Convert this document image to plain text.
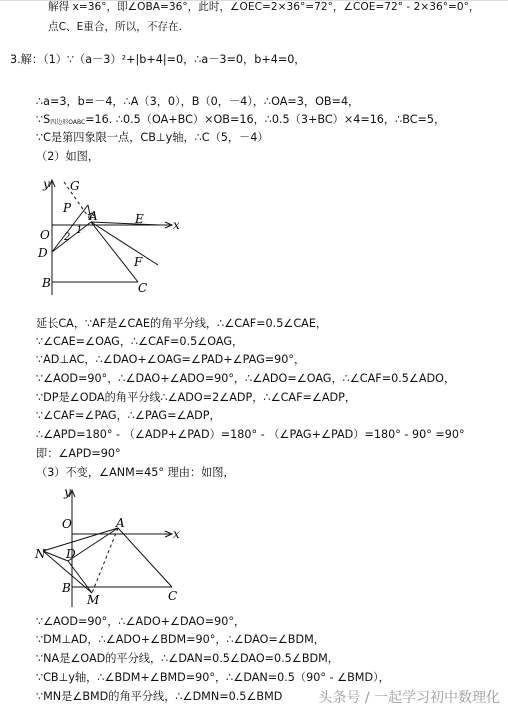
解得 x=36°，即∠OBA=36°，此时，∠OEC=2×36°=72°，∠COE=72° - 2×36°=0°，
点C、E重合，所以，不存在.
3.解：（1）∵（a－3）²+|b+4|=0，∴a－3=0，b+4=0，
∴a=3，b=－4，∴A（3，0），B（0，－4），∴OA=3，OB=4，
∵S四边形OABC=16. ∴0.5（OA+BC）×OB=16，∴0.5（3+BC）×4=16，∴BC=5，
∵C是第四象限一点，CB⊥y轴，∴C（5，－4）
（2）如图，
y
x
G
P
A	E
O
D
F
B	C
1
2
延长CA，∵AF是∠CAE的角平分线，∴∠CAF=0.5∠CAE，
∵∠CAE=∠OAG，∴∠CAF=0.5∠OAG，
∵AD⊥AC，∴∠DAO+∠OAG=∠PAD+∠PAG=90°，
∵∠AOD=90°，∴∠DAO+∠ADO=90°，∴∠ADO=∠OAG，∴∠CAF=0.5∠ADO，
∵DP是∠ODA的角平分线∴∠ADO=2∠ADP，∴∠CAF=∠ADP，
∵∠CAF=∠PAG，∴∠PAG=∠ADP，
∴∠APD=180° - （∠ADP+∠PAD）=180° - （∠PAG+∠PAD）=180° - 90° =90°
即：∠APD=90°
（3）不变，∠ANM=45° 理由：如图，
y
x
O	A
N D
B
M	C
∵∠AOD=90°，∴∠ADO+∠DAO=90°，
∵DM⊥AD，∴∠ADO+∠BDM=90°，∴∠DAO=∠BDM，
∵NA是∠OAD的平分线，∴∠DAN=0.5∠DAO=0.5∠BDM，
∵CB⊥y轴，∴∠BDM+∠BMD=90°，∴∠DAN=0.5（90° - ∠BMD），
∵MN是∠BMD的角平分线，∴∠DMN=0.5∠BMD	头条号 / 一起学习初中数理化
